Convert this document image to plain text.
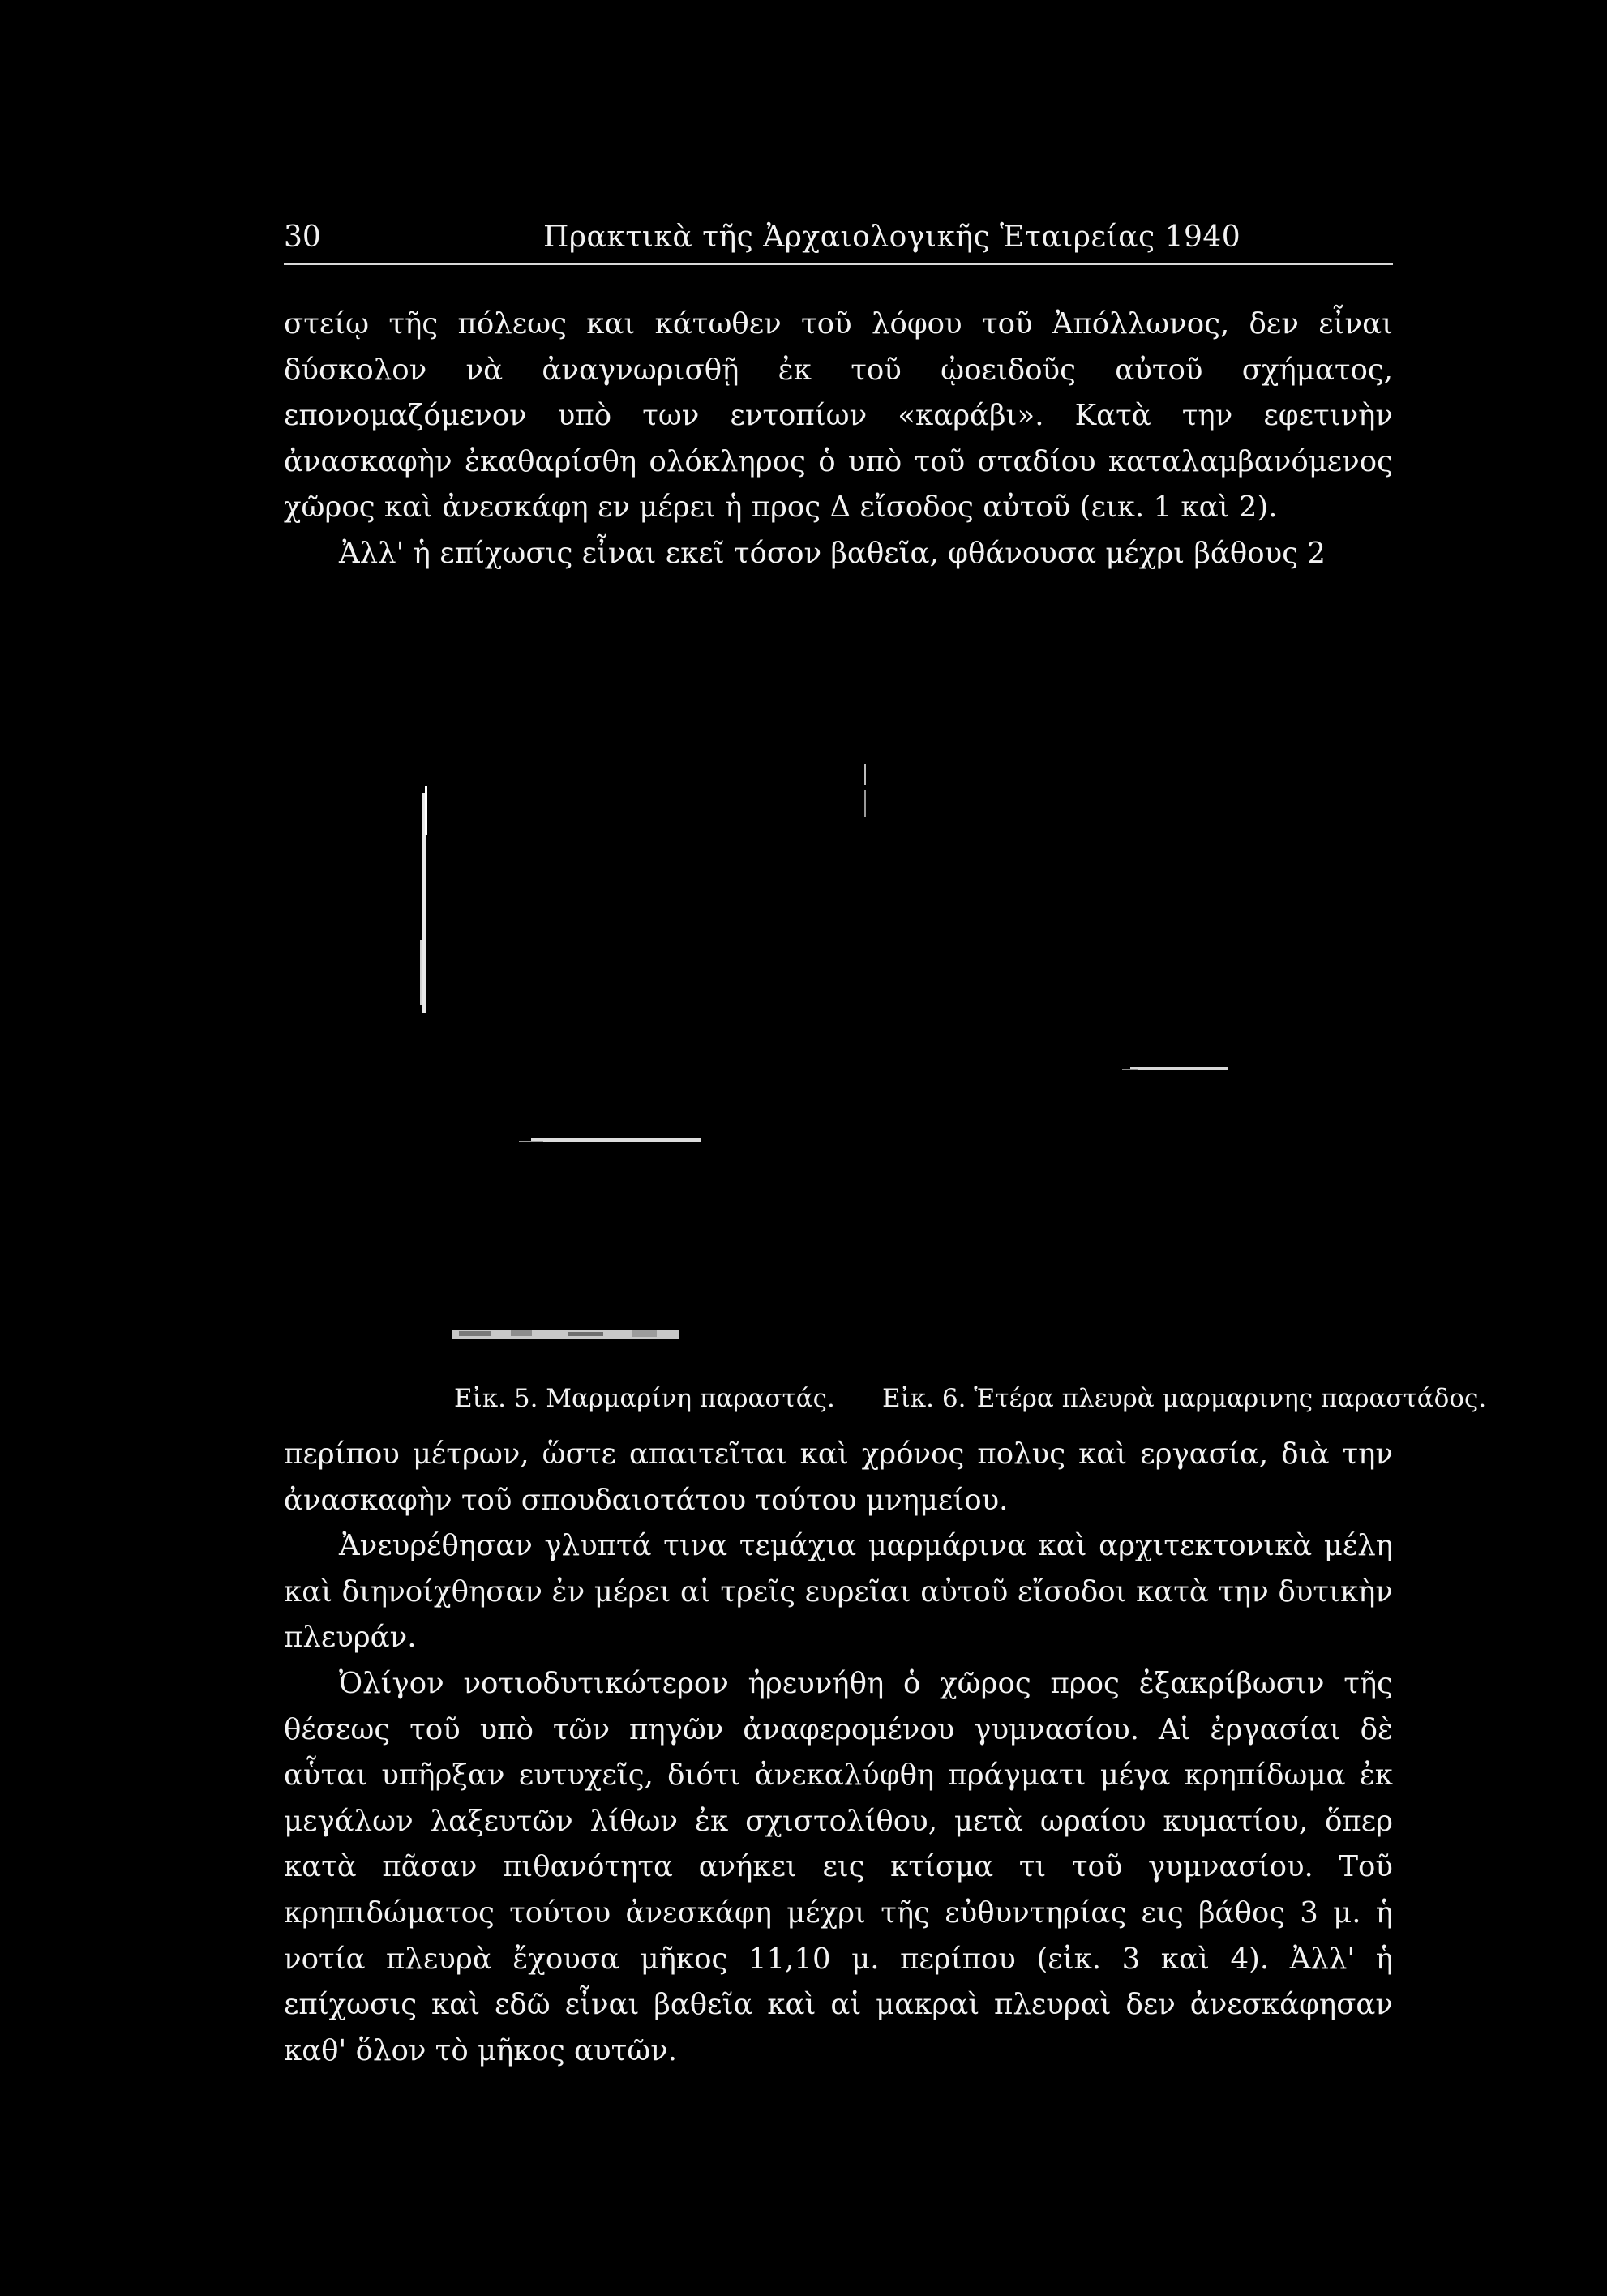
30	Πρακτικὰ τῆς Ἀρχαιολογικῆς Ἑταιρείας 1940

στείῳ τῆς πόλεως και κάτωθεν τοῦ λόφου τοῦ Ἀπόλλωνος, δεν εἶναι δύσκολον νὰ ἀναγνωρισθῇ ἐκ τοῦ ᾠοειδοῦς αὐτοῦ σχήματος, επονομαζόμενον υπὸ των εντοπίων «καράβι». Κατὰ την εφετινὴν ἀνασκαφὴν ἐκαθαρίσθη ολόκληρος ὁ υπὸ τοῦ σταδίου καταλαμβανόμενος χῶρος καὶ ἀνεσκάφη εν μέρει ἡ προς Δ εἴσοδος αὐτοῦ (εικ. 1 καὶ 2).

Ἀλλ' ἡ επίχωσις εἶναι εκεῖ τόσον βαθεῖα, φθάνουσα μέχρι βάθους 2

Εἰκ. 5. Μαρμαρίνη παραστάς. Εἰκ. 6. Ἑτέρα πλευρὰ μαρμαρινης παραστάδος.

περίπου μέτρων, ὥστε απαιτεῖται καὶ χρόνος πολυς καὶ εργασία, διὰ την ἀνασκαφὴν τοῦ σπουδαιοτάτου τούτου μνημείου.

Ἀνευρέθησαν γλυπτά τινα τεμάχια μαρμάρινα καὶ αρχιτεκτονικὰ μέλη καὶ διηνοίχθησαν ἐν μέρει αἱ τρεῖς ευρεῖαι αὐτοῦ εἴσοδοι κατὰ την δυτικὴν πλευράν.

Ὀλίγον νοτιοδυτικώτερον ἠρευνήθη ὁ χῶρος προς ἐξακρίβωσιν τῆς θέσεως τοῦ υπὸ τῶν πηγῶν ἀναφερομένου γυμνασίου. Αἱ ἐργασίαι δὲ αὗται υπῆρξαν ευτυχεῖς, διότι ἀνεκαλύφθη πράγματι μέγα κρηπίδωμα ἐκ μεγάλων λαξευτῶν λίθων ἐκ σχιστολίθου, μετὰ ωραίου κυματίου, ὅπερ κατὰ πᾶσαν πιθανότητα ανήκει εις κτίσμα τι τοῦ γυμνασίου. Τοῦ κρηπιδώματος τούτου ἀνεσκάφη μέχρι τῆς εὐθυντηρίας εις βάθος 3 μ. ἡ νοτία πλευρὰ ἔχουσα μῆκος 11,10 μ. περίπου (εἰκ. 3 καὶ 4). Ἀλλ' ἡ επίχωσις καὶ εδῶ εἶναι βαθεῖα καὶ αἱ μακραὶ πλευραὶ δεν ἀνεσκάφησαν καθ' ὅλον τὸ μῆκος αυτῶν.
